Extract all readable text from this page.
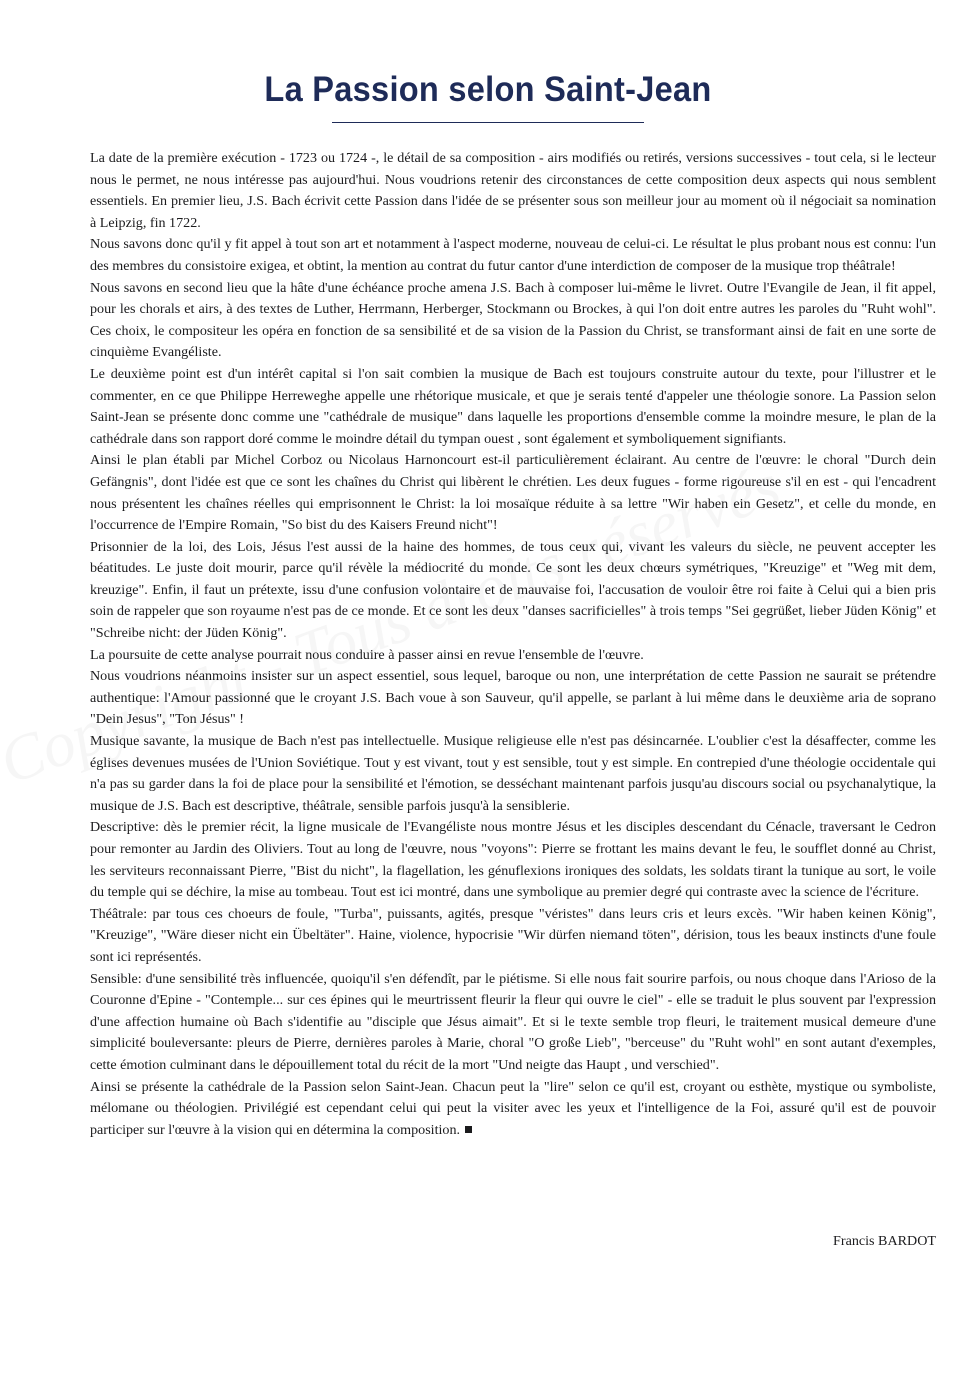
La Passion selon Saint-Jean

La date de la première exécution - 1723 ou 1724 -, le détail de sa composition - airs modifiés ou retirés, versions successives - tout cela, si le lecteur nous le permet, ne nous intéresse pas aujourd'hui. Nous voudrions retenir des circonstances de cette composition deux aspects qui nous semblent essentiels. En premier lieu, J.S. Bach écrivit cette Passion dans l'idée de se présenter sous son meilleur jour au moment où il négociait sa nomination à Leipzig, fin 1722.

Nous savons donc qu'il y fit appel à tout son art et notamment à l'aspect moderne, nouveau de celui-ci. Le résultat le plus probant nous est connu: l'un des membres du consistoire exigea, et obtint, la mention au contrat du futur cantor d'une interdiction de composer de la musique trop théâtrale!

Nous savons en second lieu que la hâte d'une échéance proche amena J.S. Bach à composer lui-même le livret. Outre l'Evangile de Jean, il fit appel, pour les chorals et airs, à des textes de Luther, Herrmann, Herberger, Stockmann ou Brockes, à qui l'on doit entre autres les paroles du "Ruht wohl". Ces choix, le compositeur les opéra en fonction de sa sensibilité et de sa vision de la Passion du Christ, se transformant ainsi de fait en une sorte de cinquième Evangéliste.

Le deuxième point est d'un intérêt capital si l'on sait combien la musique de Bach est toujours construite autour du texte, pour l'illustrer et le commenter, en ce que Philippe Herreweghe appelle une rhétorique musicale, et que je serais tenté d'appeler une théologie sonore. La Passion selon Saint-Jean se présente donc comme une "cathédrale de musique" dans laquelle les proportions d'ensemble comme la moindre mesure, le plan de la cathédrale dans son rapport doré comme le moindre détail du tympan ouest , sont également et symboliquement signifiants.

Ainsi le plan établi par Michel Corboz ou Nicolaus Harnoncourt est-il particulièrement éclairant. Au centre de l'œuvre: le choral "Durch dein Gefängnis", dont l'idée est que ce sont les chaînes du Christ qui libèrent le chrétien. Les deux fugues - forme rigoureuse s'il en est - qui l'encadrent nous présentent les chaînes réelles qui emprisonnent le Christ: la loi mosaïque réduite à sa lettre "Wir haben ein Gesetz", et celle du monde, en l'occurrence de l'Empire Romain, "So bist du des Kaisers Freund nicht"!

Prisonnier de la loi, des Lois, Jésus l'est aussi de la haine des hommes, de tous ceux qui, vivant les valeurs du siècle, ne peuvent accepter les béatitudes. Le juste doit mourir, parce qu'il révèle la médiocrité du monde. Ce sont les deux chœurs symétriques, "Kreuzige" et "Weg mit dem, kreuzige". Enfin, il faut un prétexte, issu d'une confusion volontaire et de mauvaise foi, l'accusation de vouloir être roi faite à Celui qui a bien pris soin de rappeler que son royaume n'est pas de ce monde. Et ce sont les deux "danses sacrificielles" à trois temps "Sei gegrüßet, lieber Jüden König" et "Schreibe nicht: der Jüden König".

La poursuite de cette analyse pourrait nous conduire à passer ainsi en revue l'ensemble de l'œuvre.

Nous voudrions néanmoins insister sur un aspect essentiel, sous lequel, baroque ou non, une interprétation de cette Passion ne saurait se prétendre authentique: l'Amour passionné que le croyant J.S. Bach voue à son Sauveur, qu'il appelle, se parlant à lui même dans le deuxième aria de soprano "Dein Jesus", "Ton Jésus" !

Musique savante, la musique de Bach n'est pas intellectuelle. Musique religieuse elle n'est pas désincarnée. L'oublier c'est la désaffecter, comme les églises devenues musées de l'Union Soviétique. Tout y est vivant, tout y est sensible, tout y est simple. En contrepied d'une théologie occidentale qui n'a pas su garder dans la foi de place pour la sensibilité et l'émotion, se desséchant maintenant parfois jusqu'au discours social ou psychanalytique, la musique de J.S. Bach est descriptive, théâtrale, sensible parfois jusqu'à la sensiblerie.

Descriptive: dès le premier récit, la ligne musicale de l'Evangéliste nous montre Jésus et les disciples descendant du Cénacle, traversant le Cedron pour remonter au Jardin des Oliviers. Tout au long de l'œuvre, nous "voyons": Pierre se frottant les mains devant le feu, le soufflet donné au Christ, les serviteurs reconnaissant Pierre, "Bist du nicht", la flagellation, les génuflexions ironiques des soldats, les soldats tirant la tunique au sort, le voile du temple qui se déchire, la mise au tombeau. Tout est ici montré, dans une symbolique au premier degré qui contraste avec la science de l'écriture.

Théâtrale: par tous ces choeurs de foule, "Turba", puissants, agités, presque "véristes" dans leurs cris et leurs excès. "Wir haben keinen König", "Kreuzige", "Wäre dieser nicht ein Übeltäter". Haine, violence, hypocrisie "Wir dürfen niemand töten", dérision, tous les beaux instincts d'une foule sont ici représentés.

Sensible: d'une sensibilité très influencée, quoiqu'il s'en défendît, par le piétisme. Si elle nous fait sourire parfois, ou nous choque dans l'Arioso de la Couronne d'Epine - "Contemple... sur ces épines qui le meurtrissent fleurir la fleur qui ouvre le ciel" - elle se traduit le plus souvent par l'expression d'une affection humaine où Bach s'identifie au "disciple que Jésus aimait". Et si le texte semble trop fleuri, le traitement musical demeure d'une simplicité bouleversante: pleurs de Pierre, dernières paroles à Marie, choral "O große Lieb", "berceuse" du "Ruht wohl" en sont autant d'exemples, cette émotion culminant dans le dépouillement total du récit de la mort "Und neigte das Haupt , und verschied".

Ainsi se présente la cathédrale de la Passion selon Saint-Jean. Chacun peut la "lire" selon ce qu'il est, croyant ou esthète, mystique ou symboliste, mélomane ou théologien. Privilégié est cependant celui qui peut la visiter avec les yeux et l'intelligence de la Foi, assuré qu'il est de pouvoir participer sur l'œuvre à la vision qui en détermina la composition.

Francis BARDOT
